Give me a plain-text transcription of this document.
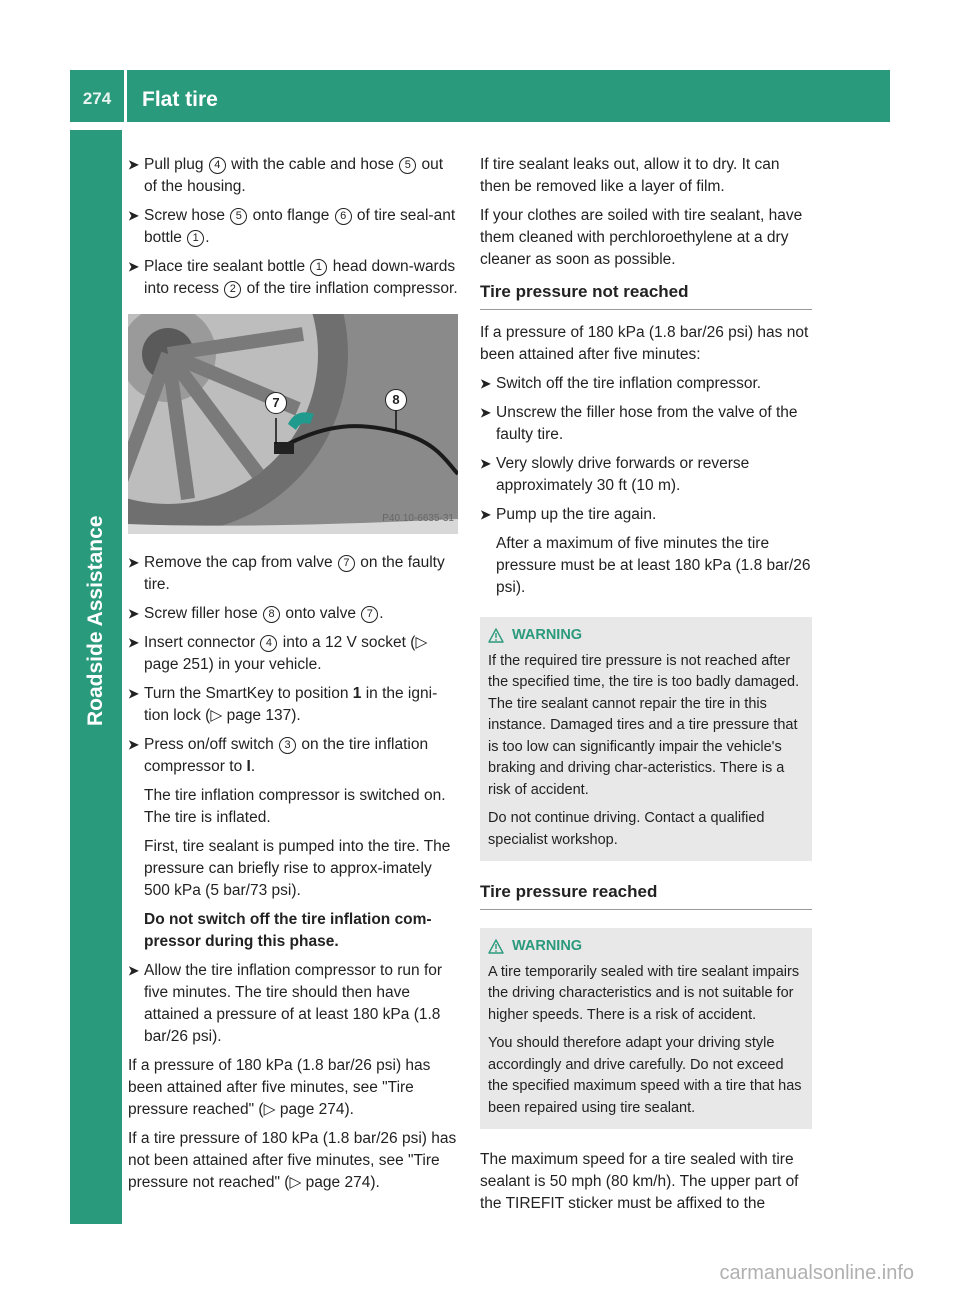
274	Flat tire
Roadside Assistance
➤ Pull plug 4 with the cable and hose 5 out of the housing.
➤ Screw hose 5 onto flange 6 of tire seal-ant bottle 1 .
➤ Place tire sealant bottle 1 head down-wards into recess 2 of the tire inflation compressor.
7	8
P40.10-6635-31
➤ Remove the cap from valve 7 on the faulty tire.
➤ Screw filler hose 8 onto valve 7 .
➤ Insert connector 4 into a 12 V socket (▷ page 251) in your vehicle.
➤ Turn the SmartKey to position 1 in the igni-tion lock (▷ page 137).
➤ Press on/off switch 3 on the tire inflation compressor to I.
The tire inflation compressor is switched on. The tire is inflated.
First, tire sealant is pumped into the tire. The pressure can briefly rise to approx-imately 500 kPa (5 bar/73 psi).
Do not switch off the tire inflation com-pressor during this phase.
➤ Allow the tire inflation compressor to run for five minutes. The tire should then have attained a pressure of at least 180 kPa (1.8 bar/26 psi).
If a pressure of 180 kPa (1.8 bar/26 psi) has been attained after five minutes, see "Tire pressure reached" (▷ page 274).
If a tire pressure of 180 kPa (1.8 bar/26 psi) has not been attained after five minutes, see "Tire pressure not reached" (▷ page 274).
If tire sealant leaks out, allow it to dry. It can then be removed like a layer of film.
If your clothes are soiled with tire sealant, have them cleaned with perchloroethylene at a dry cleaner as soon as possible.
Tire pressure not reached
If a pressure of 180 kPa (1.8 bar/26 psi) has not been attained after five minutes:
➤ Switch off the tire inflation compressor.
➤ Unscrew the filler hose from the valve of the faulty tire.
➤ Very slowly drive forwards or reverse approximately 30 ft (10 m).
➤ Pump up the tire again.
After a maximum of five minutes the tire pressure must be at least 180 kPa (1.8 bar/26 psi).
WARNING

If the required tire pressure is not reached after the specified time, the tire is too badly damaged. The tire sealant cannot repair the tire in this instance. Damaged tires and a tire pressure that is too low can significantly impair the vehicle's braking and driving char-acteristics. There is a risk of accident.

Do not continue driving. Contact a qualified specialist workshop.

Tire pressure reached
WARNING

A tire temporarily sealed with tire sealant impairs the driving characteristics and is not suitable for higher speeds. There is a risk of accident.

You should therefore adapt your driving style accordingly and drive carefully. Do not exceed the specified maximum speed with a tire that has been repaired using tire sealant.

The maximum speed for a tire sealed with tire sealant is 50 mph (80 km/h). The upper part of the TIREFIT sticker must be affixed to the
carmanualsonline.info
